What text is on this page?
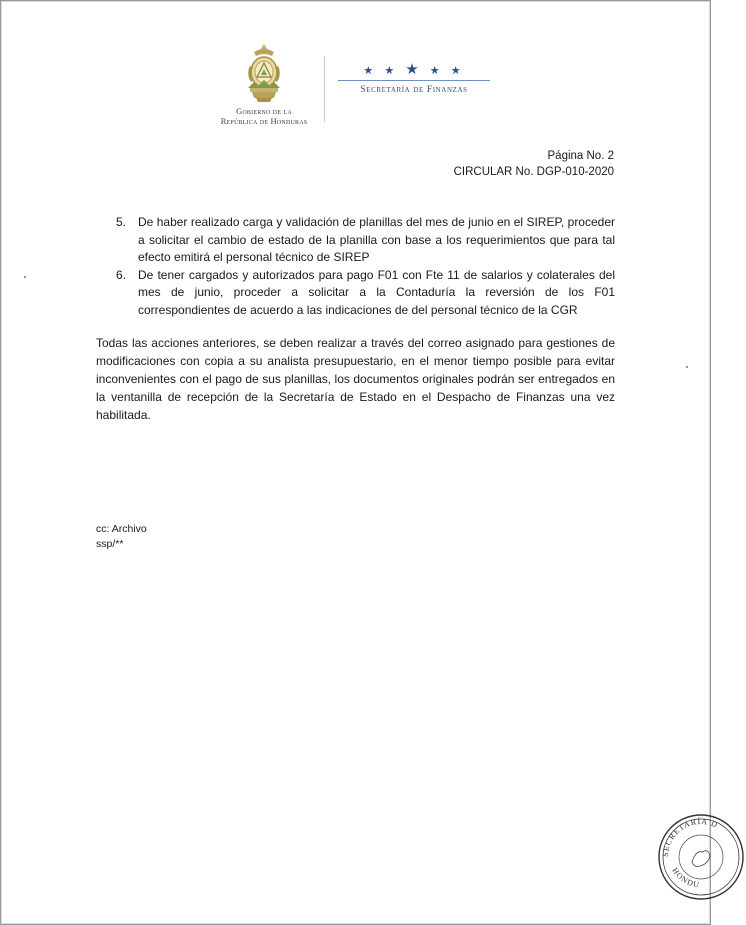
Gobierno de la
República de Honduras
★ ★ ★ ★ ★
Secretaría de Finanzas
Página No. 2
CIRCULAR No. DGP-010-2020
5. De haber realizado carga y validación de planillas del mes de junio en el SIREP, proceder a solicitar el cambio de estado de la planilla con base a los requerimientos que para tal efecto emitirá el personal técnico de SIREP
6. De tener cargados y autorizados para pago F01 con Fte 11 de salarios y colaterales del mes de junio, proceder a solicitar a la Contaduría la reversión de los F01 correspondientes de acuerdo a las indicaciones de del personal técnico de la CGR

Todas las acciones anteriores, se deben realizar a través del correo asignado para gestiones de modificaciones con copia a su analista presupuestario, en el menor tiempo posible para evitar inconvenientes con el pago de sus planillas, los documentos originales podrán ser entregados en la ventanilla de recepción de la Secretaría de Estado en el Despacho de Finanzas una vez habilitada.

cc: Archivo
ssp/**
SECRETARÍA D
HONDU
